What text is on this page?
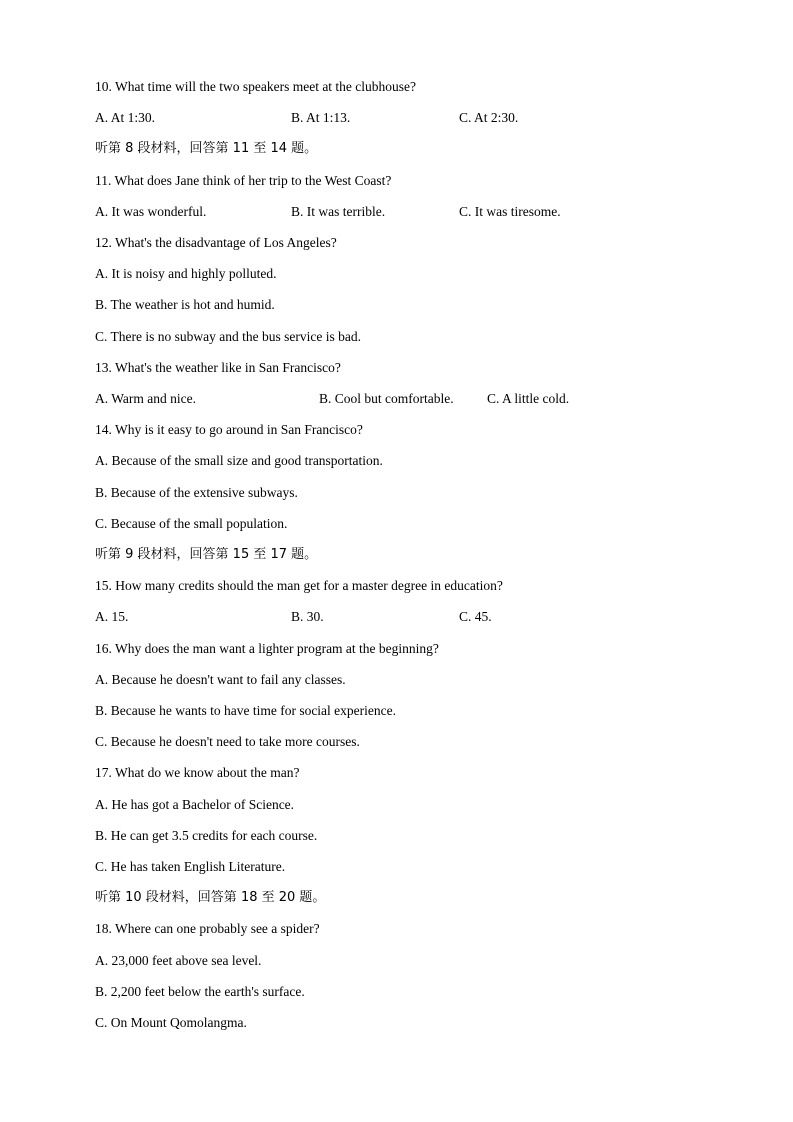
10. What time will the two speakers meet at the clubhouse?
A. At 1:30.	B. At 1:13.	C. At 2:30.
听第 8 段材料，回答第 11 至 14 题。
11. What does Jane think of her trip to the West Coast?
A. It was wonderful.	B. It was terrible.	C. It was tiresome.
12. What's the disadvantage of Los Angeles?
A. It is noisy and highly polluted.
B. The weather is hot and humid.
C. There is no subway and the bus service is bad.
13. What's the weather like in San Francisco?
A. Warm and nice.	B. Cool but comfortable. C. A little cold.
14. Why is it easy to go around in San Francisco?
A. Because of the small size and good transportation.
B. Because of the extensive subways.
C. Because of the small population.
听第 9 段材料，回答第 15 至 17 题。
15. How many credits should the man get for a master degree in education?
A. 15.	B. 30.	C. 45.
16. Why does the man want a lighter program at the beginning?
A. Because he doesn't want to fail any classes.
B. Because he wants to have time for social experience.
C. Because he doesn't need to take more courses.
17. What do we know about the man?
A. He has got a Bachelor of Science.
B. He can get 3.5 credits for each course.
C. He has taken English Literature.
听第 10 段材料，回答第 18 至 20 题。
18. Where can one probably see a spider?
A. 23,000 feet above sea level.
B. 2,200 feet below the earth's surface.
C. On Mount Qomolangma.
